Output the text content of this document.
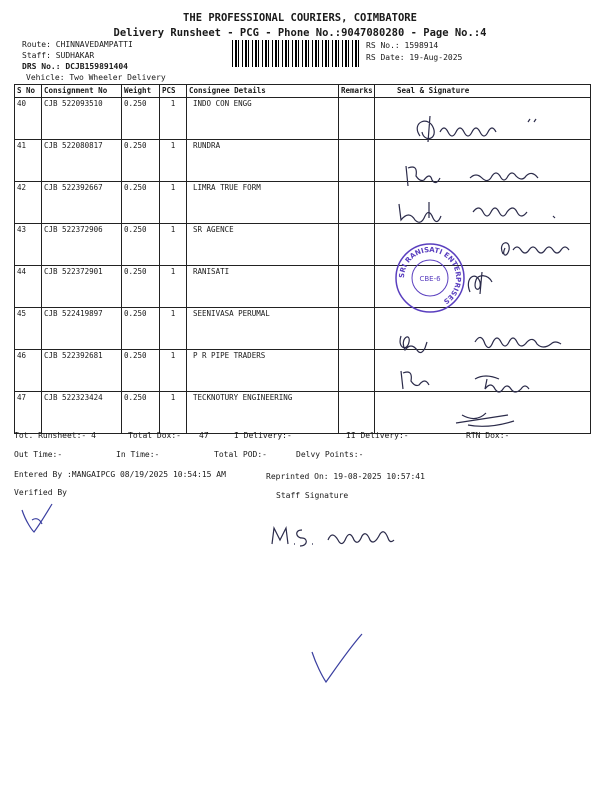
THE PROFESSIONAL COURIERS, COIMBATORE
Delivery Runsheet - PCG - Phone No.:9047080280 - Page No.:4
Route: CHINNAVEDAMPATTI
Staff: SUDHAKAR
DRS No.: DCJB159891404
Vehicle: Two Wheeler Delivery
RS No.: 1598914
RS Date: 19-Aug-2025
S No	Consignment No	Weight	PCS	Consignee Details	Remarks	Seal & Signature
40	CJB 522093510	0.250	1	INDO CON ENGG		
41	CJB 522080817	0.250	1	RUNDRA		
42	CJB 522392667	0.250	1	LIMRA TRUE FORM		
43	CJB 522372906	0.250	1	SR AGENCE		
44	CJB 522372901	0.250	1	RANISATI		
45	CJB 522419897	0.250	1	SEENIVASA PERUMAL		
46	CJB 522392681	0.250	1	P R PIPE TRADERS		
47	CJB 522323424	0.250	1	TECKNOTURY ENGINEERING		
SRI RANISATI ENTERPRISES
CBE-6
Tot. Runsheet:- 4	Total Dox:- 47	I Delivery:-	II Delivery:-	RTN Dox:-
Out Time:-	In Time:-	Total POD:-	Delvy Points:-
Entered By :MANGAIPCG 08/19/2025 10:54:15 AM	Reprinted On: 19-08-2025 10:57:41
Verified By	Staff Signature
